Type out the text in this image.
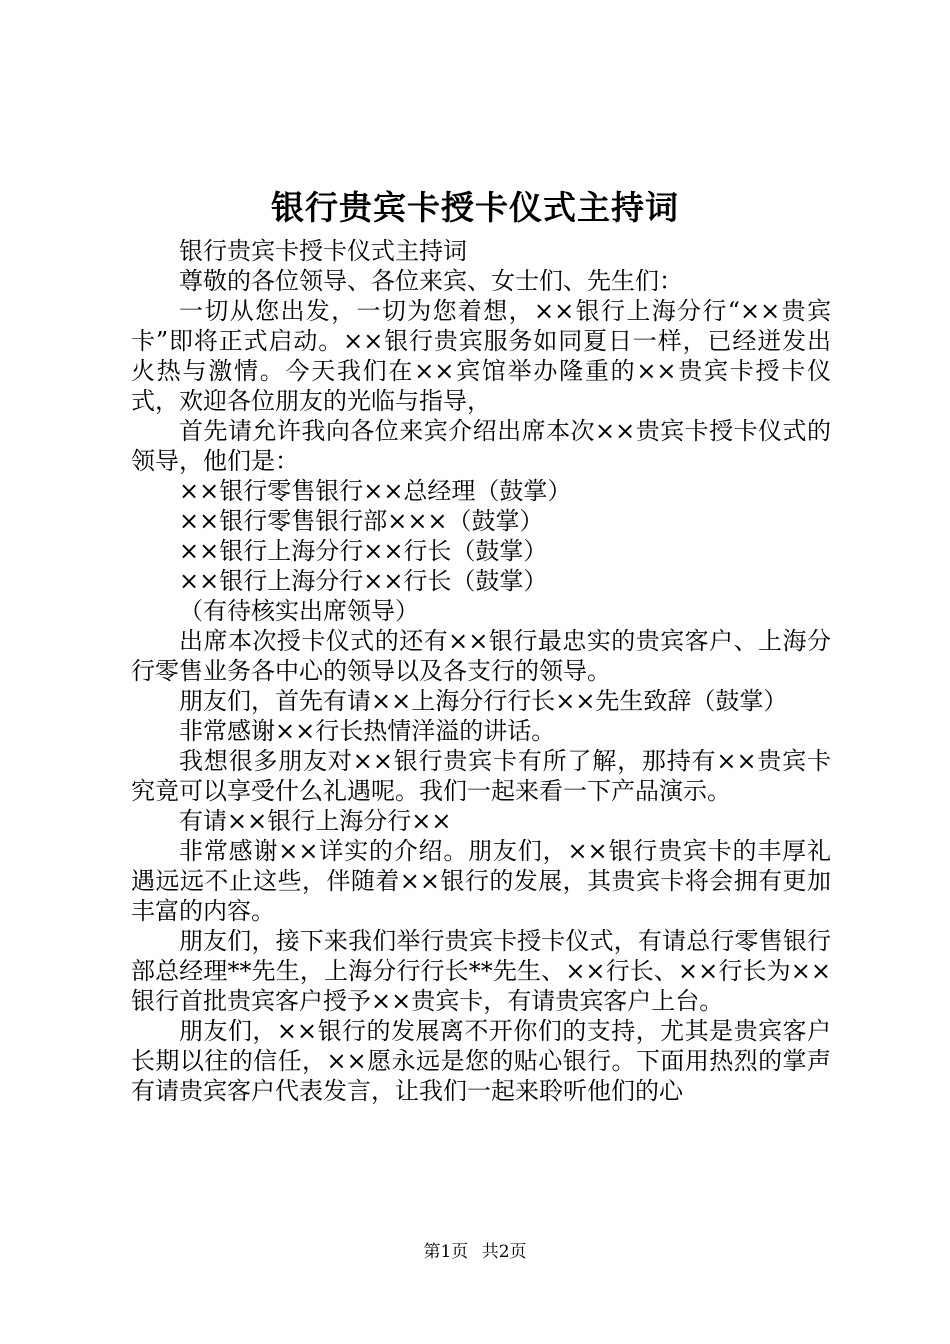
银行贵宾卡授卡仪式主持词

银行贵宾卡授卡仪式主持词

尊敬的各位领导、各位来宾、女士们、先生们：

一切从您出发，一切为您着想，××银行上海分行“××贵宾卡”即将正式启动。××银行贵宾服务如同夏日一样，已经迸发出火热与激情。今天我们在××宾馆举办隆重的××贵宾卡授卡仪式，欢迎各位朋友的光临与指导，

首先请允许我向各位来宾介绍出席本次××贵宾卡授卡仪式的领导，他们是：

××银行零售银行××总经理（鼓掌）

××银行零售银行部×××（鼓掌）

××银行上海分行××行长（鼓掌）

××银行上海分行××行长（鼓掌）

（有待核实出席领导）

出席本次授卡仪式的还有××银行最忠实的贵宾客户、上海分行零售业务各中心的领导以及各支行的领导。

朋友们，首先有请××上海分行行长××先生致辞（鼓掌）

非常感谢××行长热情洋溢的讲话。

我想很多朋友对××银行贵宾卡有所了解，那持有××贵宾卡究竟可以享受什么礼遇呢。我们一起来看一下产品演示。

有请××银行上海分行××

非常感谢××详实的介绍。朋友们，××银行贵宾卡的丰厚礼遇远远不止这些，伴随着××银行的发展，其贵宾卡将会拥有更加丰富的内容。

朋友们，接下来我们举行贵宾卡授卡仪式，有请总行零售银行部总经理**先生，上海分行行长**先生、××行长、××行长为××银行首批贵宾客户授予××贵宾卡，有请贵宾客户上台。

朋友们，××银行的发展离不开你们的支持，尤其是贵宾客户长期以往的信任，××愿永远是您的贴心银行。下面用热烈的掌声有请贵宾客户代表发言，让我们一起来聆听他们的心

第1页 共2页
